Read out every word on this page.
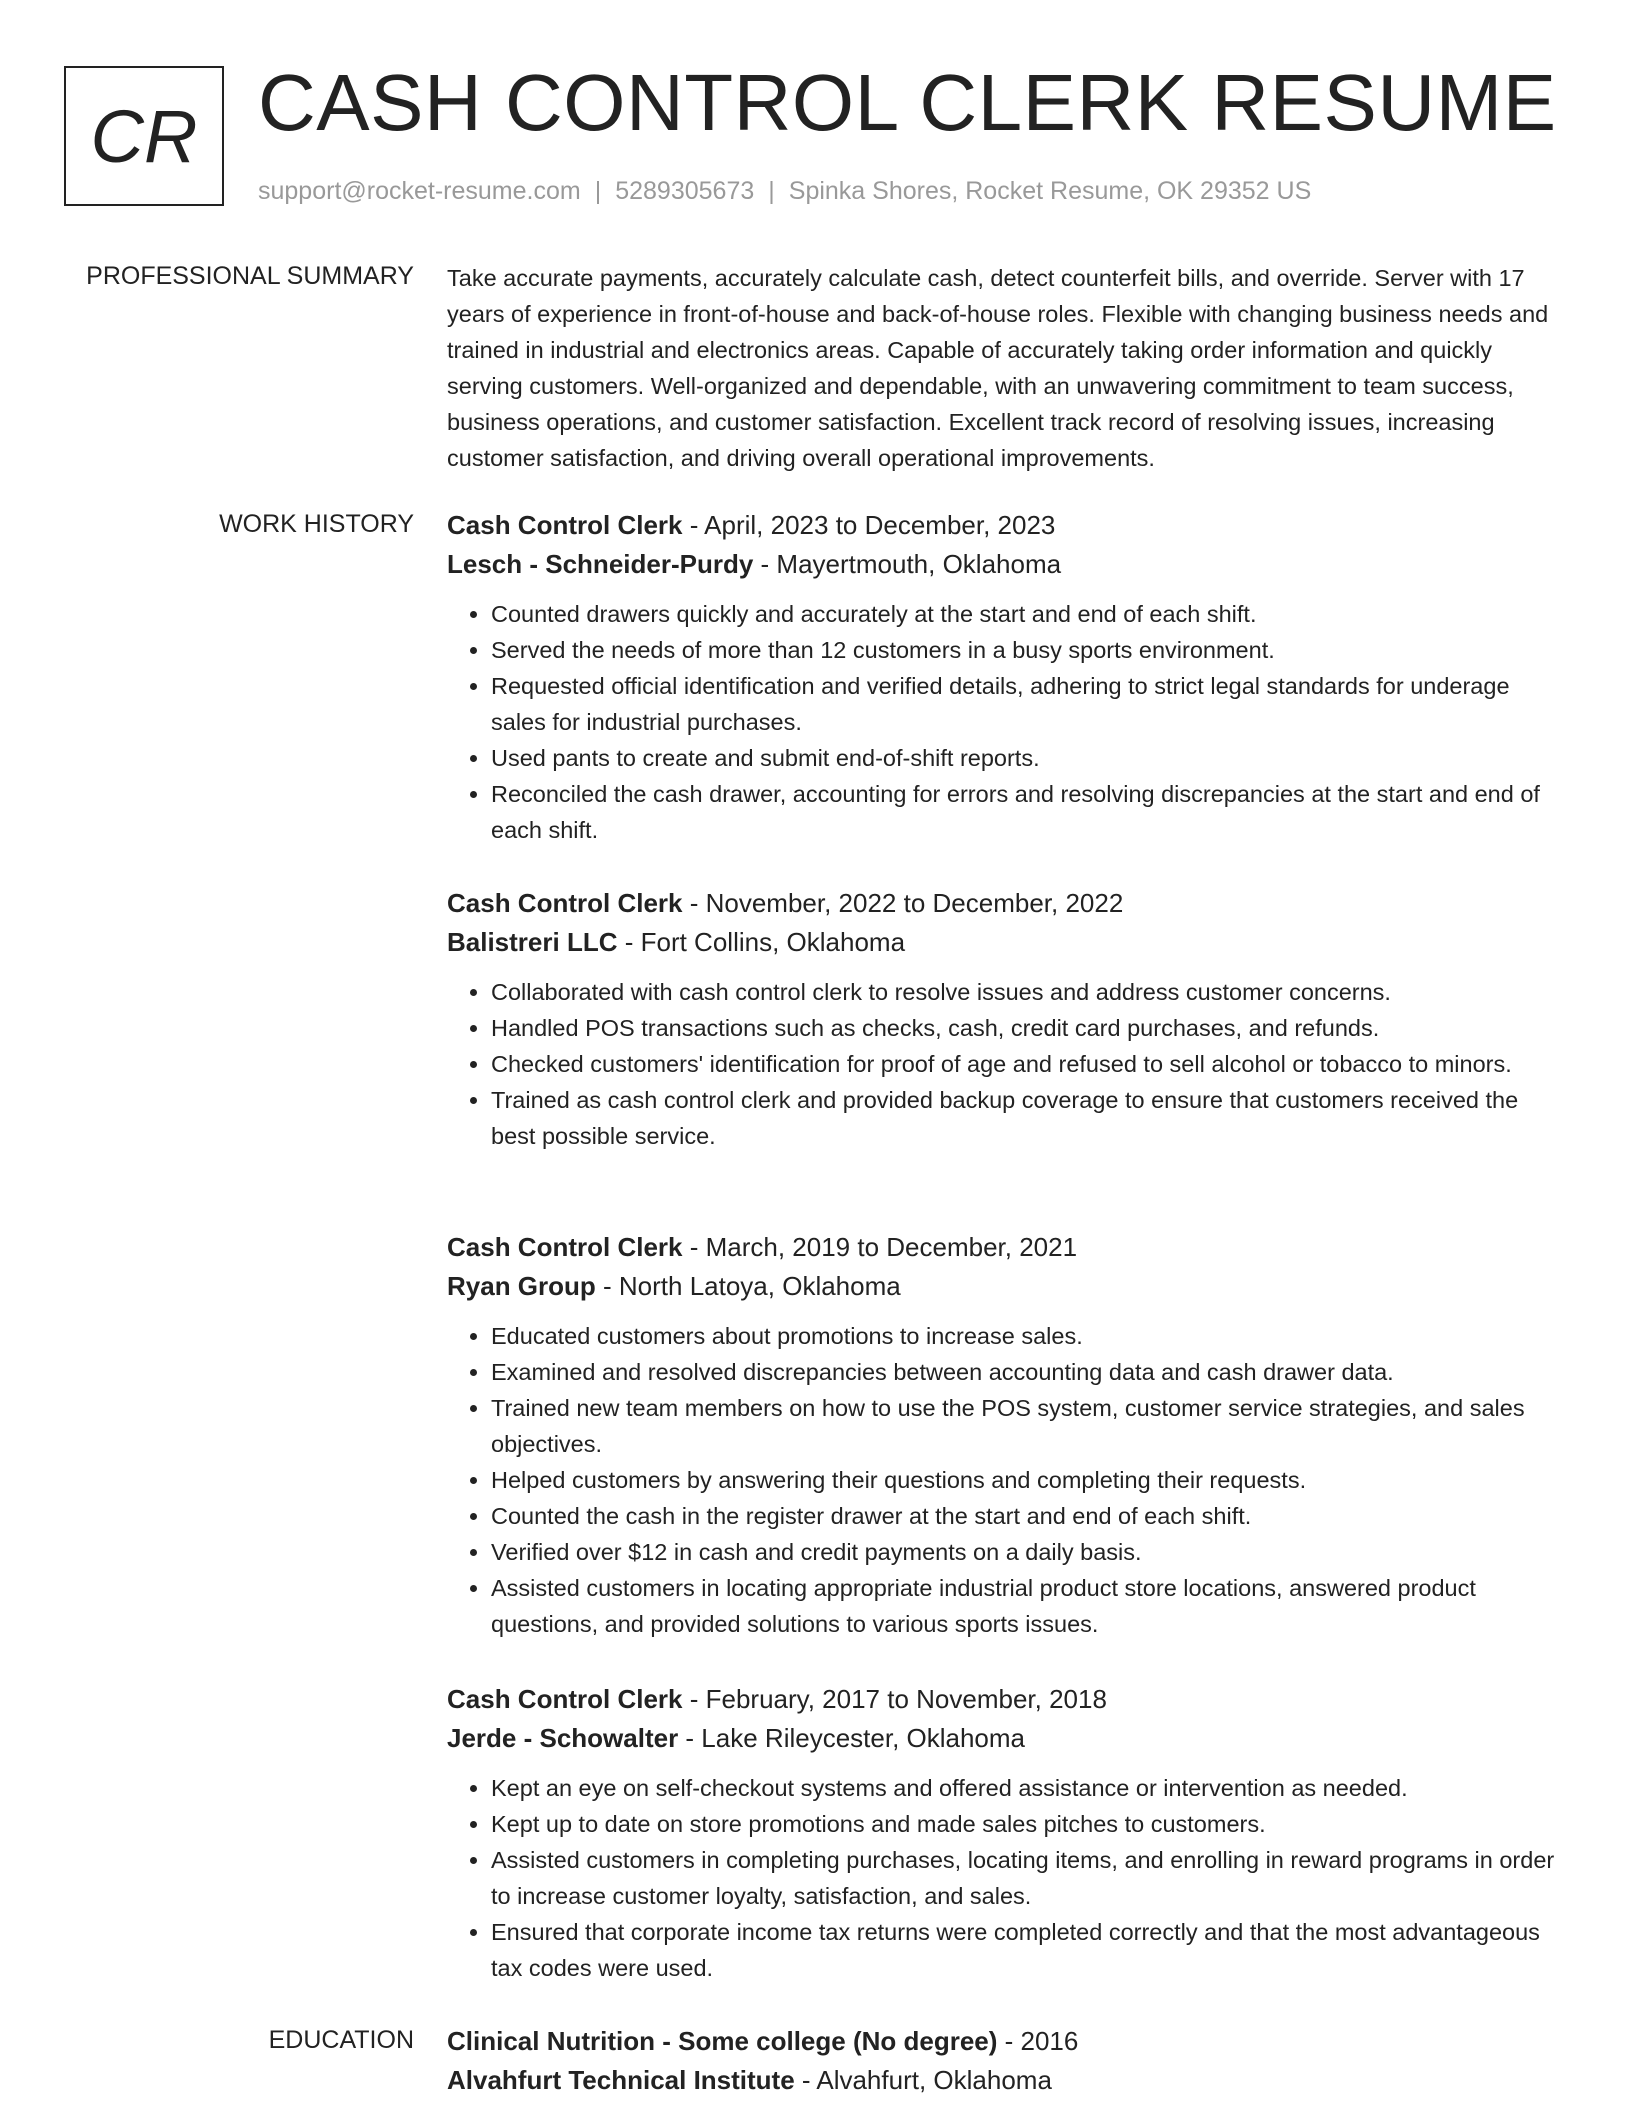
CR CASH CONTROL CLERK RESUME
support@rocket-resume.com | 5289305673 | Spinka Shores, Rocket Resume, OK 29352 US
PROFESSIONAL SUMMARY Take accurate payments, accurately calculate cash, detect counterfeit bills, and override. Server with 17 years of experience in front-of-house and back-of-house roles. Flexible with changing business needs and trained in industrial and electronics areas. Capable of accurately taking order information and quickly serving customers. Well-organized and dependable, with an unwavering commitment to team success, business operations, and customer satisfaction. Excellent track record of resolving issues, increasing customer satisfaction, and driving overall operational improvements.

WORK HISTORY Cash Control Clerk - April, 2023 to December, 2023
Lesch - Schneider-Purdy - Mayertmouth, Oklahoma
• Counted drawers quickly and accurately at the start and end of each shift.
• Served the needs of more than 12 customers in a busy sports environment.
• Requested official identification and verified details, adhering to strict legal standards for underage sales for industrial purchases.
• Used pants to create and submit end-of-shift reports.
• Reconciled the cash drawer, accounting for errors and resolving discrepancies at the start and end of each shift.
Cash Control Clerk - November, 2022 to December, 2022
Balistreri LLC - Fort Collins, Oklahoma
• Collaborated with cash control clerk to resolve issues and address customer concerns.
• Handled POS transactions such as checks, cash, credit card purchases, and refunds.
• Checked customers' identification for proof of age and refused to sell alcohol or tobacco to minors.
• Trained as cash control clerk and provided backup coverage to ensure that customers received the best possible service.
Cash Control Clerk - March, 2019 to December, 2021
Ryan Group - North Latoya, Oklahoma
• Educated customers about promotions to increase sales.
• Examined and resolved discrepancies between accounting data and cash drawer data.
• Trained new team members on how to use the POS system, customer service strategies, and sales objectives.
• Helped customers by answering their questions and completing their requests.
• Counted the cash in the register drawer at the start and end of each shift.
• Verified over $12 in cash and credit payments on a daily basis.
• Assisted customers in locating appropriate industrial product store locations, answered product questions, and provided solutions to various sports issues.
Cash Control Clerk - February, 2017 to November, 2018
Jerde - Schowalter - Lake Rileycester, Oklahoma
• Kept an eye on self-checkout systems and offered assistance or intervention as needed.
• Kept up to date on store promotions and made sales pitches to customers.
• Assisted customers in completing purchases, locating items, and enrolling in reward programs in order to increase customer loyalty, satisfaction, and sales.
• Ensured that corporate income tax returns were completed correctly and that the most advantageous tax codes were used.
EDUCATION Clinical Nutrition - Some college (No degree) - 2016
Alvahfurt Technical Institute - Alvahfurt, Oklahoma
